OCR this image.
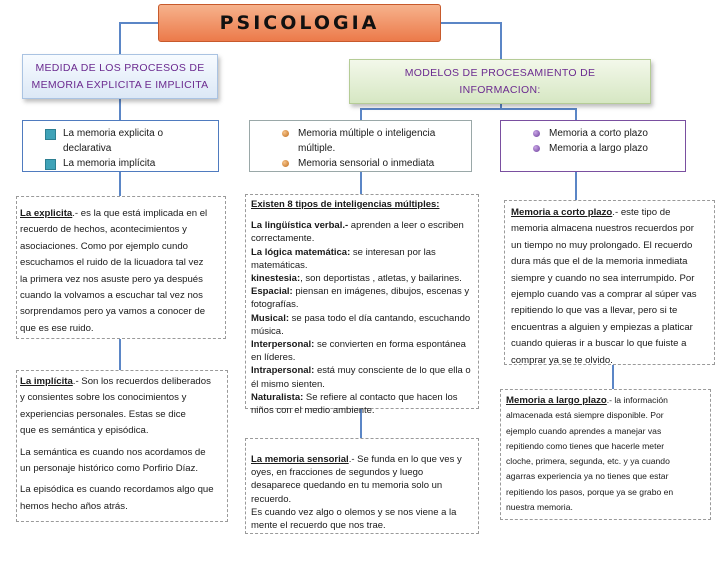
PSICOLOGIA
MEDIDA DE LOS PROCESOS DE
MEMORIA EXPLICITA E IMPLICITA
MODELOS DE PROCESAMIENTO DE
INFORMACION:
La memoria explicita o
declarativa
La memoria implícita
Memoria múltiple o inteligencia
múltiple.
Memoria sensorial o inmediata
Memoria a corto plazo
Memoria a largo plazo

La explicita.- es la que está implicada en el

recuerdo de hechos, acontecimientos y

asociaciones. Como por ejemplo cundo

escuchamos el ruido de la licuadora tal vez

la primera vez nos asuste pero ya después

cuando la volvamos a escuchar tal vez nos

sorprendamos pero ya vamos a conocer de

que es ese ruido.

La implícita.- Son los recuerdos deliberados

y consientes sobre los conocimientos y

experiencias personales. Estas se dice

que es semántica y episódica.

La semántica es cuando nos acordamos de

un personaje histórico como Porfirio Díaz.

La episódica es cuando recordamos algo que

hemos hecho años atrás.

Existen 8 tipos de inteligencias múltiples:

La lingüística verbal.- aprenden a leer o escriben

correctamente.

La lógica matemática: se interesan por las

matemáticas.

kinestesia:, son deportistas , atletas, y bailarines.

Espacial: piensan en imágenes, dibujos, escenas y

fotografías.

Musical: se pasa todo el día cantando, escuchando

música.

Interpersonal: se convierten en forma espontánea

en líderes.

Intrapersonal: está muy consciente de lo que ella o

él mismo sienten.

Naturalista: Se refiere al contacto que hacen los

niños con el medio ambiente.

La memoria sensorial.- Se funda en lo que ves y

oyes, en fracciones de segundos y luego

desaparece quedando en tu memoria solo un

recuerdo.

Es cuando vez algo o olemos y se nos viene a la

mente el recuerdo que nos trae.

Memoria a corto plazo.- este tipo de

memoria almacena nuestros recuerdos por

un tiempo no muy prolongado. El recuerdo

dura más que el de la memoria inmediata

siempre y cuando no sea interrumpido. Por

ejemplo cuando vas a comprar al súper vas

repitiendo lo que vas a llevar, pero si te

encuentras a alguien y empiezas a platicar

cuando quieras ir a buscar lo que fuiste a

comprar ya se te olvido.

Memoria a largo plazo.- la información

almacenada está siempre disponible. Por

ejemplo cuando aprendes a manejar vas

repitiendo como tienes que hacerle meter

cloche, primera, segunda, etc. y ya cuando

agarras experiencia ya no tienes que estar

repitiendo los pasos, porque ya se grabo en

nuestra memoria.
